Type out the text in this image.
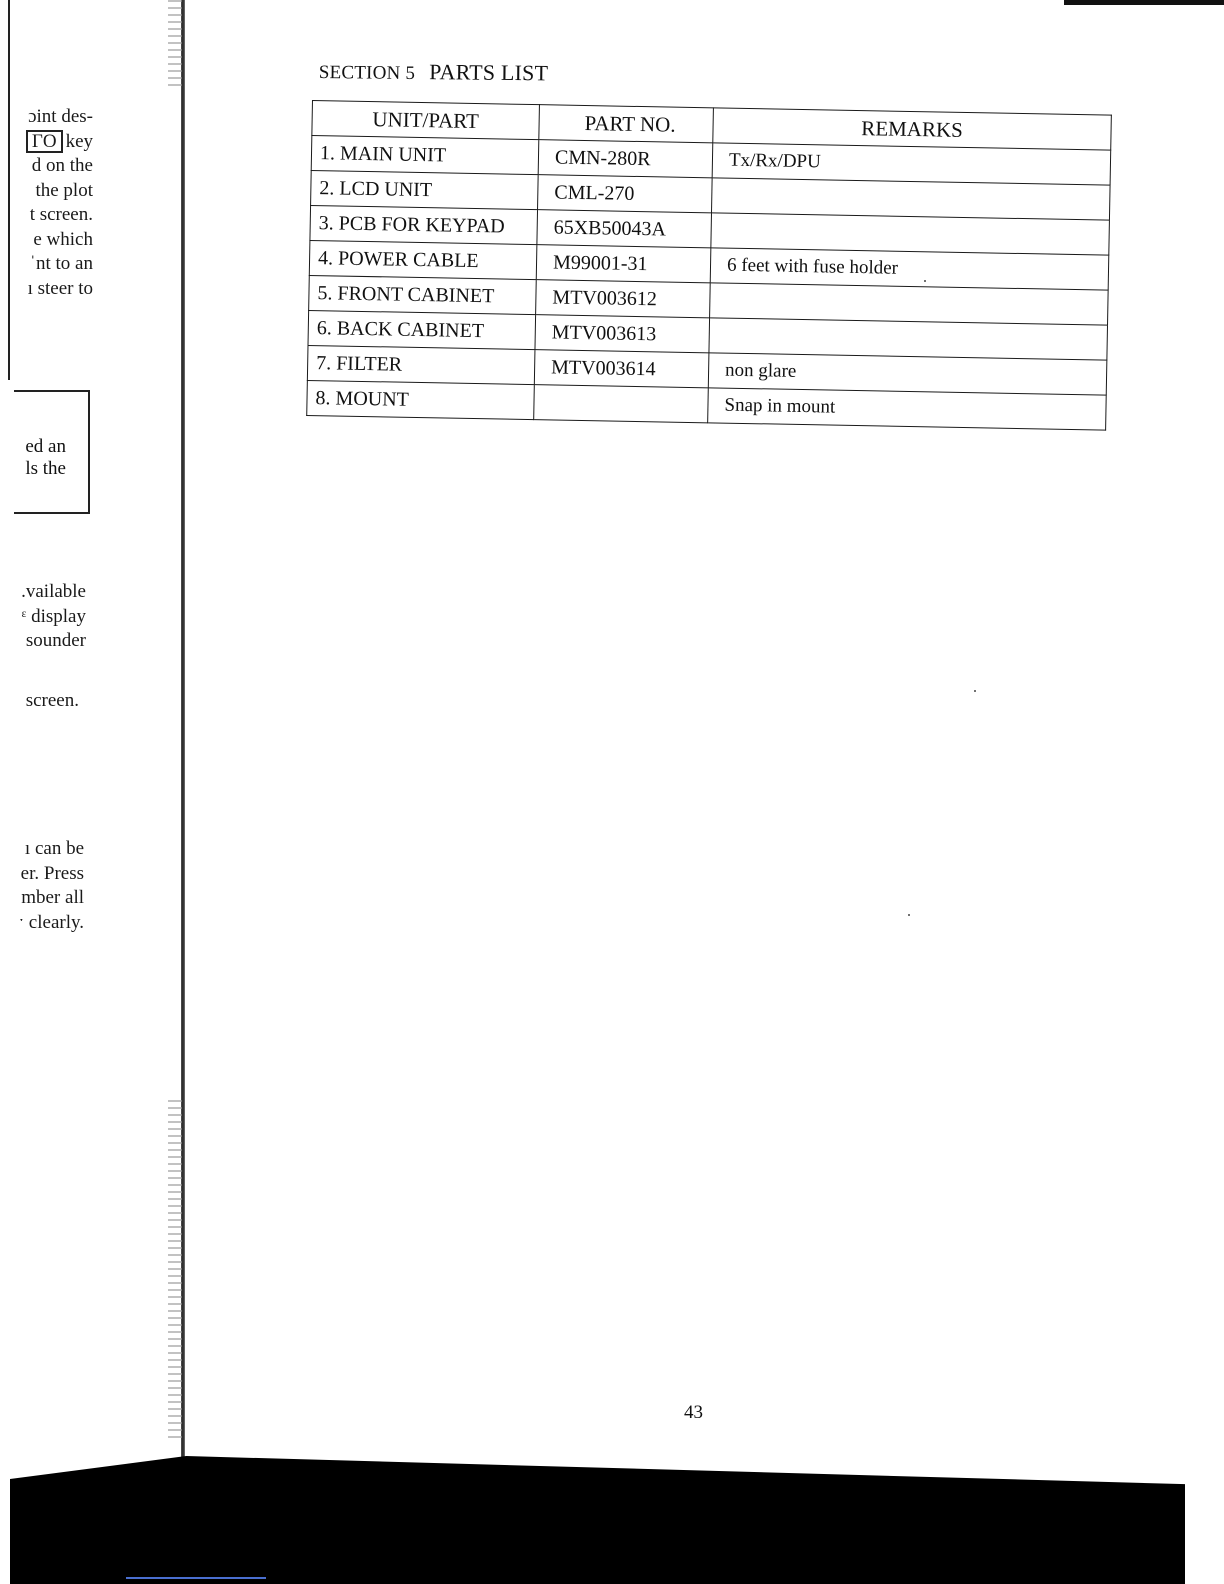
ɔint des-
ΓO key
d on the
the plot
t screen.
e which
ˈnt to an
ı steer to
ed an
ls the
.vailable
ᵋ display
sounder
screen.
ı can be
er. Press
mber all
ˑ clearly.
SECTION 5 PARTS LIST
UNIT/PART	PART NO.	REMARKS
1. MAIN UNIT	CMN-280R	Tx/Rx/DPU
2. LCD UNIT	CML-270	
3. PCB FOR KEYPAD	65XB50043A	
4. POWER CABLE	M99001-31	6 feet with fuse holder
5. FRONT CABINET	MTV003612	
6. BACK CABINET	MTV003613	
7. FILTER	MTV003614	non glare
8. MOUNT		Snap in mount
43
